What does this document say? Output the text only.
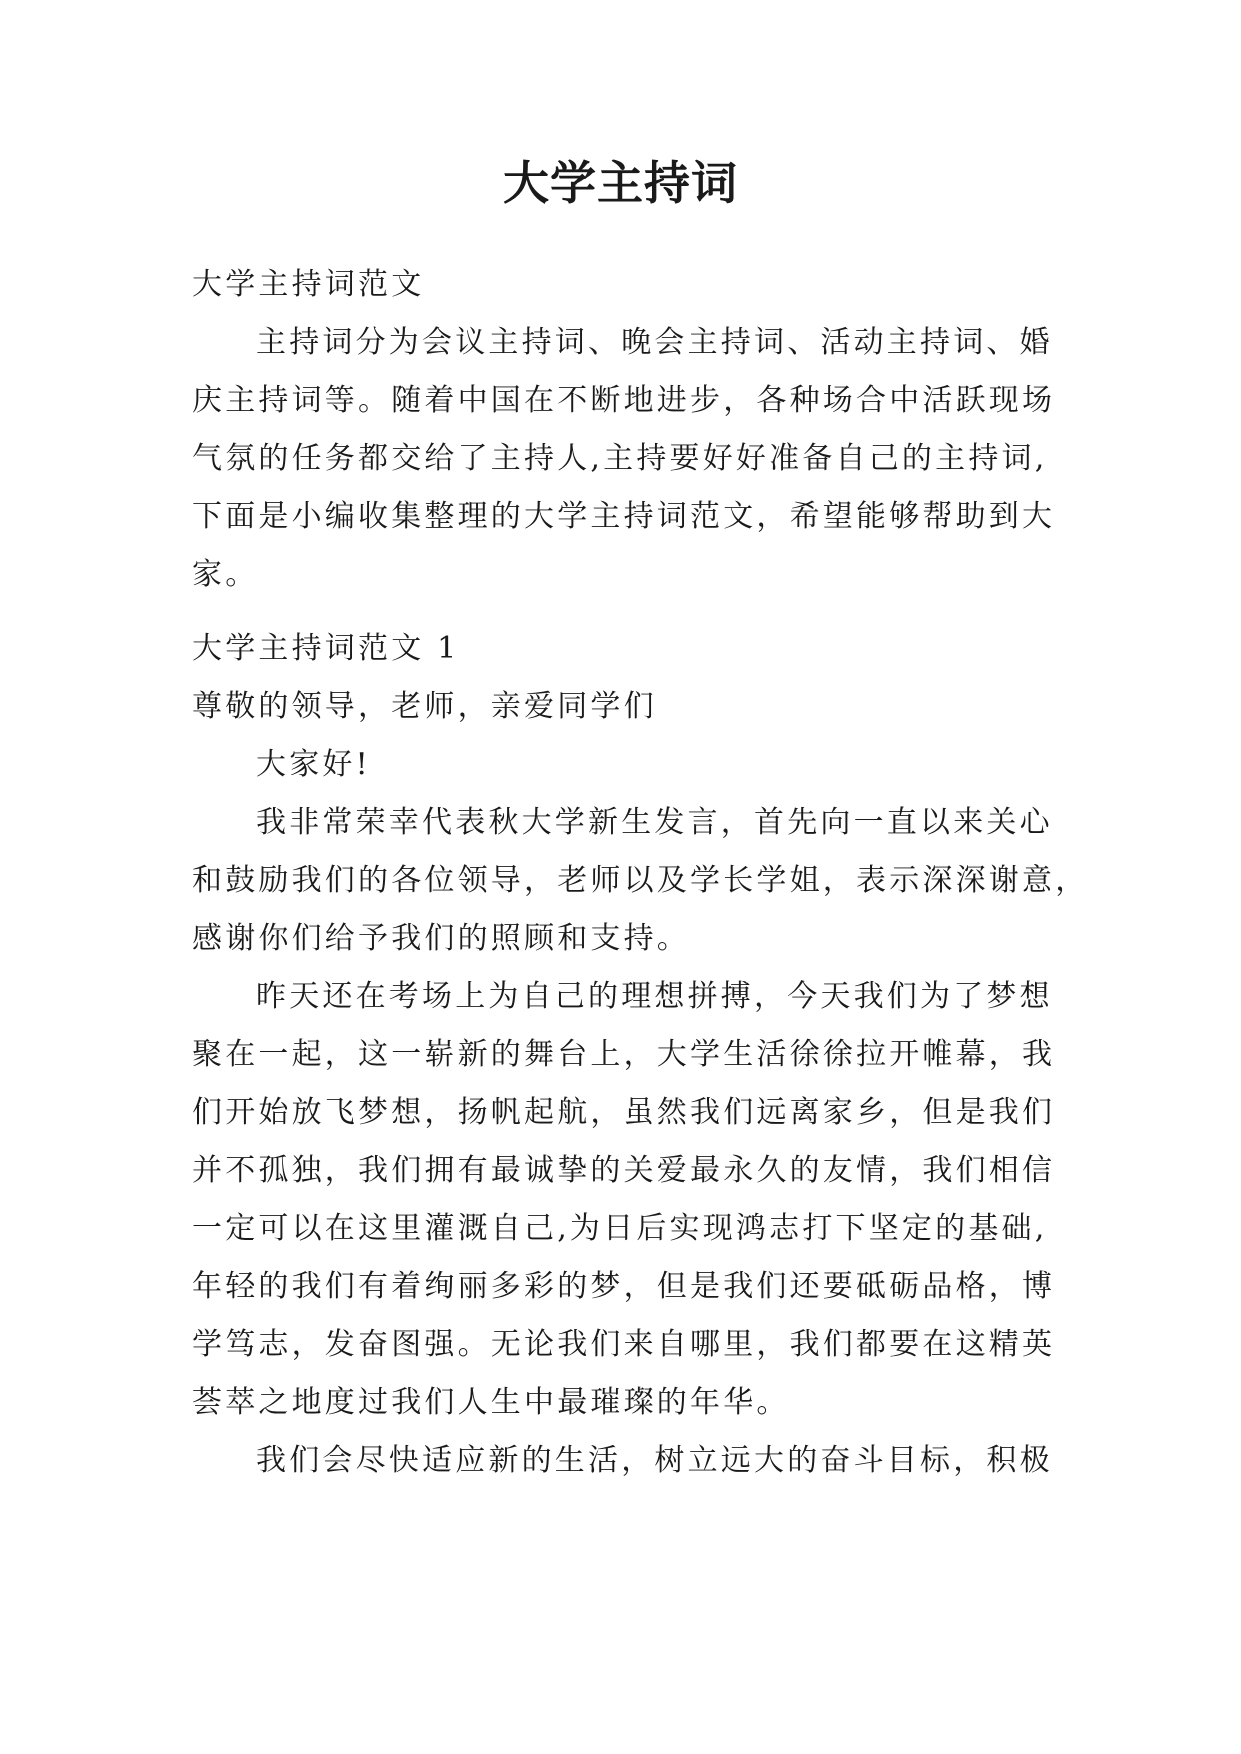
大学主持词
大学主持词范文
主持词分为会议主持词、晚会主持词、活动主持词、婚
庆主持词等。随着中国在不断地进步，各种场合中活跃现场
气氛的任务都交给了主持人,主持要好好准备自己的主持词,
下面是小编收集整理的大学主持词范文，希望能够帮助到大
家。
大学主持词范文 1
尊敬的领导，老师，亲爱同学们
大家好!
我非常荣幸代表秋大学新生发言，首先向一直以来关心
和鼓励我们的各位领导，老师以及学长学姐，表示深深谢意，
感谢你们给予我们的照顾和支持。
昨天还在考场上为自己的理想拼搏，今天我们为了梦想
聚在一起，这一崭新的舞台上，大学生活徐徐拉开帷幕，我
们开始放飞梦想，扬帆起航，虽然我们远离家乡，但是我们
并不孤独，我们拥有最诚挚的关爱最永久的友情，我们相信
一定可以在这里灌溉自己,为日后实现鸿志打下坚定的基础,
年轻的我们有着绚丽多彩的梦，但是我们还要砥砺品格，博
学笃志，发奋图强。无论我们来自哪里，我们都要在这精英
荟萃之地度过我们人生中最璀璨的年华。
我们会尽快适应新的生活，树立远大的奋斗目标，积极
